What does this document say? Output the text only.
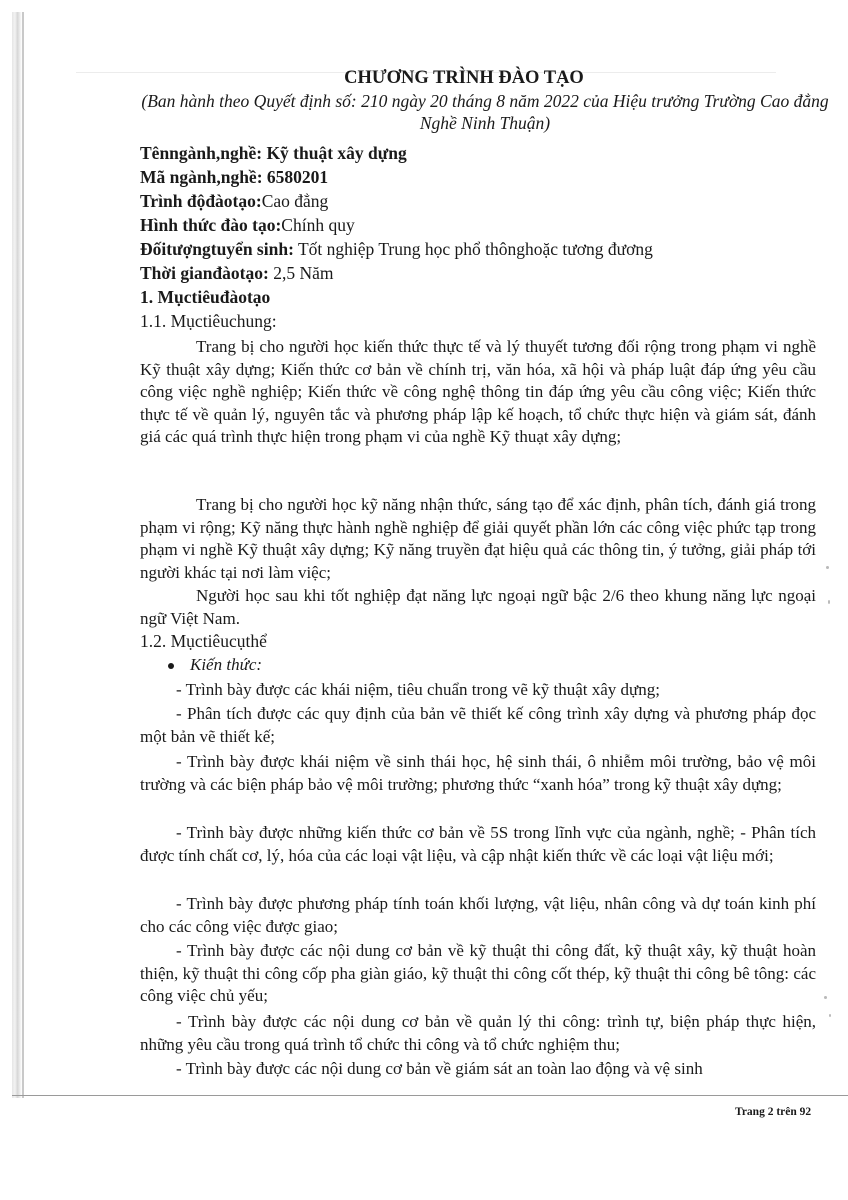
CHƯƠNG TRÌNH ĐÀO TẠO
(Ban hành theo Quyết định số: 210 ngày 20 tháng 8 năm 2022 của Hiệu trưởng Trường Cao đẳng Nghề Ninh Thuận)
Tênngành,nghề: Kỹ thuật xây dựng
Mã ngành,nghề: 6580201
Trình độđàotạo:Cao đẳng
Hình thức đào tạo:Chính quy
Đốitượngtuyển sinh: Tốt nghiệp Trung học phổ thônghoặc tương đương
Thời gianđàotạo: 2,5 Năm
1. Mụctiêuđàotạo
1.1. Mụctiêuchung:
Trang bị cho người học kiến thức thực tế và lý thuyết tương đối rộng trong phạm vi nghề Kỹ thuật xây dựng; Kiến thức cơ bản về chính trị, văn hóa, xã hội và pháp luật đáp ứng yêu cầu công việc nghề nghiệp; Kiến thức về công nghệ thông tin đáp ứng yêu cầu công việc; Kiến thức thực tế về quản lý, nguyên tắc và phương pháp lập kế hoạch, tổ chức thực hiện và giám sát, đánh giá các quá trình thực hiện trong phạm vi của nghề Kỹ thuạt xây dựng;
Trang bị cho người học kỹ năng nhận thức, sáng tạo để xác định, phân tích, đánh giá trong phạm vi rộng; Kỹ năng thực hành nghề nghiệp để giải quyết phần lớn các công việc phức tạp trong phạm vi nghề Kỹ thuật xây dựng; Kỹ năng truyền đạt hiệu quả các thông tin, ý tưởng, giải pháp tới người khác tại nơi làm việc;
Người học sau khi tốt nghiệp đạt năng lực ngoại ngữ bậc 2/6 theo khung năng lực ngoại ngữ Việt Nam.
1.2. Mụctiêucụthể
Kiến thức:
- Trình bày được các khái niệm, tiêu chuẩn trong vẽ kỹ thuật xây dựng;
- Phân tích được các quy định của bản vẽ thiết kế công trình xây dựng và phương pháp đọc một bản vẽ thiết kế;
- Trình bày được khái niệm về sinh thái học, hệ sinh thái, ô nhiễm môi trường, bảo vệ môi trường và các biện pháp bảo vệ môi trường; phương thức “xanh hóa” trong kỹ thuật xây dựng;
- Trình bày được những kiến thức cơ bản về 5S trong lĩnh vực của ngành, nghề; - Phân tích được tính chất cơ, lý, hóa của các loại vật liệu, và cập nhật kiến thức về các loại vật liệu mới;
- Trình bày được phương pháp tính toán khối lượng, vật liệu, nhân công và dự toán kinh phí cho các công việc được giao;
- Trình bày được các nội dung cơ bản về kỹ thuật thi công đất, kỹ thuật xây, kỹ thuật hoàn thiện, kỹ thuật thi công cốp pha giàn giáo, kỹ thuật thi công cốt thép, kỹ thuật thi công bê tông: các công việc chủ yếu;
- Trình bày được các nội dung cơ bản về quản lý thi công: trình tự, biện pháp thực hiện, những yêu cầu trong quá trình tổ chức thi công và tổ chức nghiệm thu;
- Trình bày được các nội dung cơ bản về giám sát an toàn lao động và vệ sinh
Trang 2 trên 92
